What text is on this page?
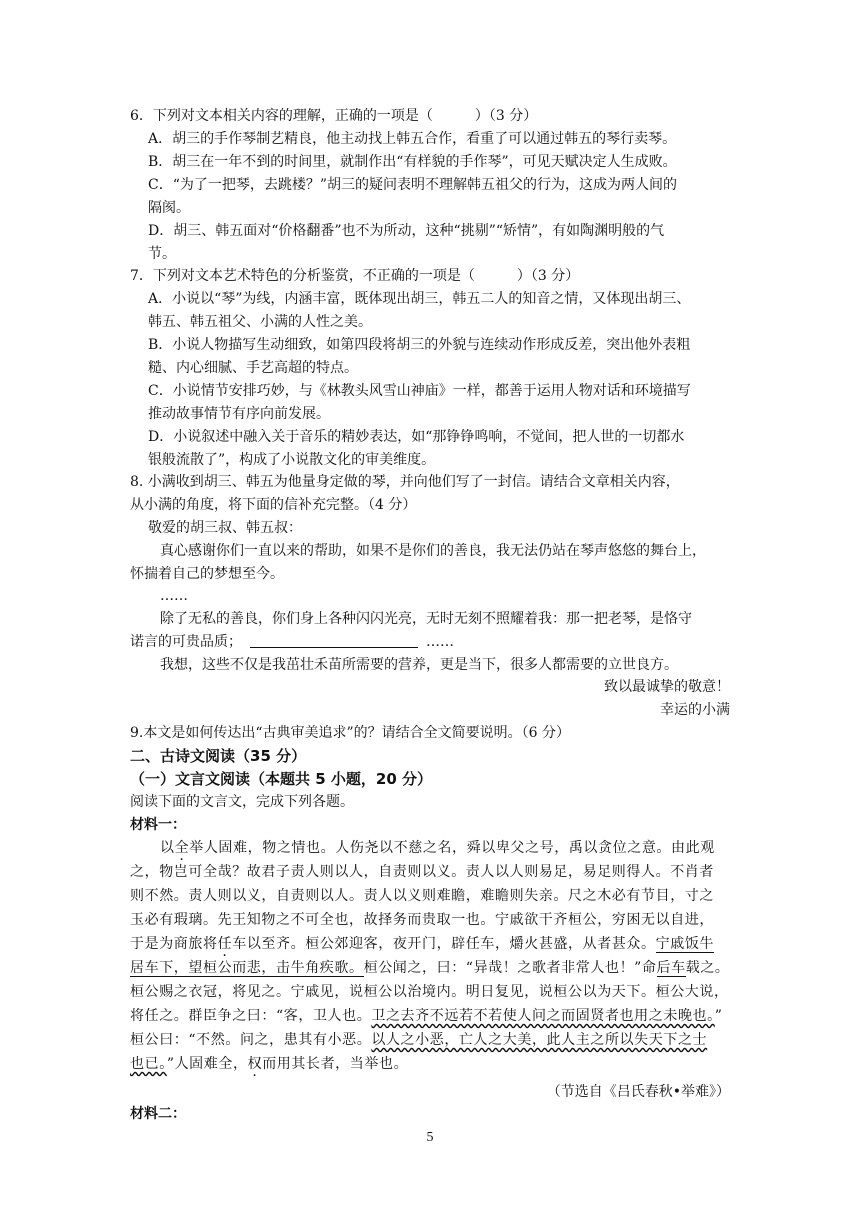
6．下列对文本相关内容的理解，正确的一项是（　　　）（3 分）
A．胡三的手作琴制艺精良，他主动找上韩五合作，看重了可以通过韩五的琴行卖琴。
B．胡三在一年不到的时间里，就制作出“有样貌的手作琴”，可见天赋决定人生成败。
C．“为了一把琴，去跳楼？”胡三的疑问表明不理解韩五祖父的行为，这成为两人间的
隔阂。
D．胡三、韩五面对“价格翻番”也不为所动，这种“挑剔”“矫情”，有如陶渊明般的气
节。
7．下列对文本艺术特色的分析鉴赏，不正确的一项是（　　　）（3 分）
A．小说以“琴”为线，内涵丰富，既体现出胡三，韩五二人的知音之情，又体现出胡三、
韩五、韩五祖父、小满的人性之美。
B．小说人物描写生动细致，如第四段将胡三的外貌与连续动作形成反差，突出他外表粗
糙、内心细腻、手艺高超的特点。
C．小说情节安排巧妙，与《林教头风雪山神庙》一样，都善于运用人物对话和环境描写
推动故事情节有序向前发展。
D．小说叙述中融入关于音乐的精妙表达，如“那铮铮鸣响，不觉间，把人世的一切都水
银般流散了”，构成了小说散文化的审美维度。
8. 小满收到胡三、韩五为他量身定做的琴，并向他们写了一封信。请结合文章相关内容，
从小满的角度，将下面的信补充完整。（4 分）
敬爱的胡三叔、韩五叔：
真心感谢你们一直以来的帮助，如果不是你们的善良，我无法仍站在琴声悠悠的舞台上，
怀揣着自己的梦想至今。
……
除了无私的善良，你们身上各种闪闪光亮，无时无刻不照耀着我：那一把老琴，是恪守
诺言的可贵品质；	……
我想，这些不仅是我茁壮禾苗所需要的营养，更是当下，很多人都需要的立世良方。
致以最诚挚的敬意！
幸运的小满
9.本文是如何传达出“古典审美追求”的？请结合全文简要说明。（6 分）
二、古诗文阅读（35 分）
（一）文言文阅读（本题共 5 小题，20 分）
阅读下面的文言文，完成下列各题。
材料一：
以全举人固难，物之情也。人伤尧以不慈之名，舜以卑父之号，禹以贪位之意。由此观
之，物岂可全哉？故君子责人则以人，自责则以义。责人以人则易足，易足则得人。不肖者
则不然。责人则以义，自责则以人。责人以义则难瞻，难瞻则失亲。尺之木必有节目，寸之
玉必有瑕璃。先王知物之不可全也，故择务而贵取一也。宁戚欲干齐桓公，穷困无以自进，
于是为商旅将任车以至齐。桓公郊迎客，夜开门，辟任车，爝火甚盛，从者甚众。宁戚饭牛
居车下，望桓公而悲，击牛角疾歌。桓公闻之，曰：“异哉！之歌者非常人也！”命后车载之。
桓公赐之衣冠，将见之。宁戚见，说桓公以治境内。明日复见，说桓公以为天下。桓公大说，
将任之。群臣争之曰：“客，卫人也。卫之去齐不远若不若使人问之而固贤者也用之未晚也。”
桓公曰：“不然。问之，患其有小恶。以人之小恶，亡人之大美，此人主之所以失天下之士
也已。”人固难全，权而用其长者，当举也。
（节选自《吕氏春秋•举难》）
材料二：
5
